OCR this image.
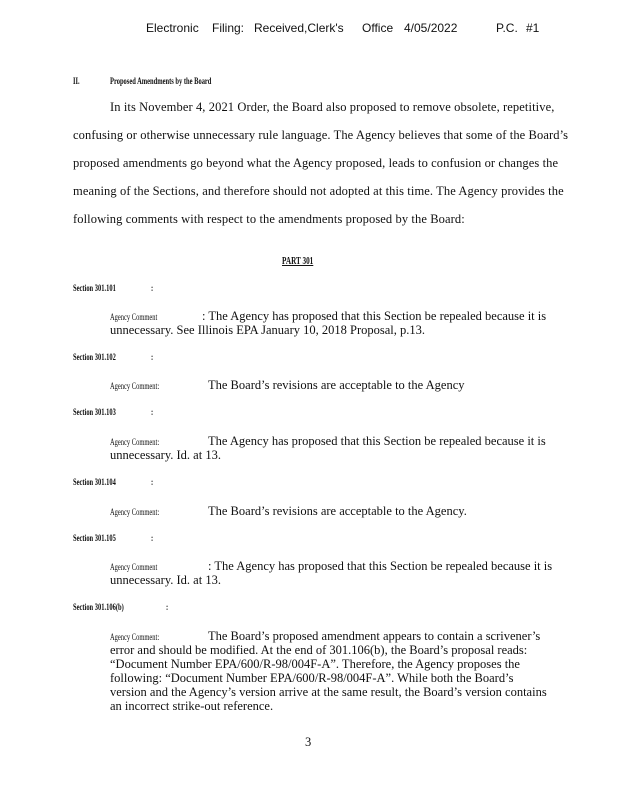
Electronic Filing: Received,Clerk's Office 4/05/2022	P.C. #1
II.	Proposed Amendments by the Board
In its November 4, 2021 Order, the Board also proposed to remove obsolete, repetitive,
confusing or otherwise unnecessary rule language. The Agency believes that some of the Board’s
proposed amendments go beyond what the Agency proposed, leads to confusion or changes the
meaning of the Sections, and therefore should not adopted at this time. The Agency provides the
following comments with respect to the amendments proposed by the Board:
PART 301
Section 301.101	:
Agency Comment	: The Agency has proposed that this Section be repealed because it is
unnecessary. See Illinois EPA January 10, 2018 Proposal, p.13.
Section 301.102	:
Agency Comment:	The Board’s revisions are acceptable to the Agency
Section 301.103	:
Agency Comment:	The Agency has proposed that this Section be repealed because it is
unnecessary. Id. at 13.
Section 301.104	:
Agency Comment:	The Board’s revisions are acceptable to the Agency.
Section 301.105	:
Agency Comment	: The Agency has proposed that this Section be repealed because it is
unnecessary. Id. at 13.
Section 301.106(b)	:
Agency Comment:	The Board’s proposed amendment appears to contain a scrivener’s
error and should be modified. At the end of 301.106(b), the Board’s proposal reads:
“Document Number EPA/600/R-98/004F-A”. Therefore, the Agency proposes the
following: “Document Number EPA/600/R-98/004F-A”. While both the Board’s
version and the Agency’s version arrive at the same result, the Board’s version contains
an incorrect strike-out reference.
3
